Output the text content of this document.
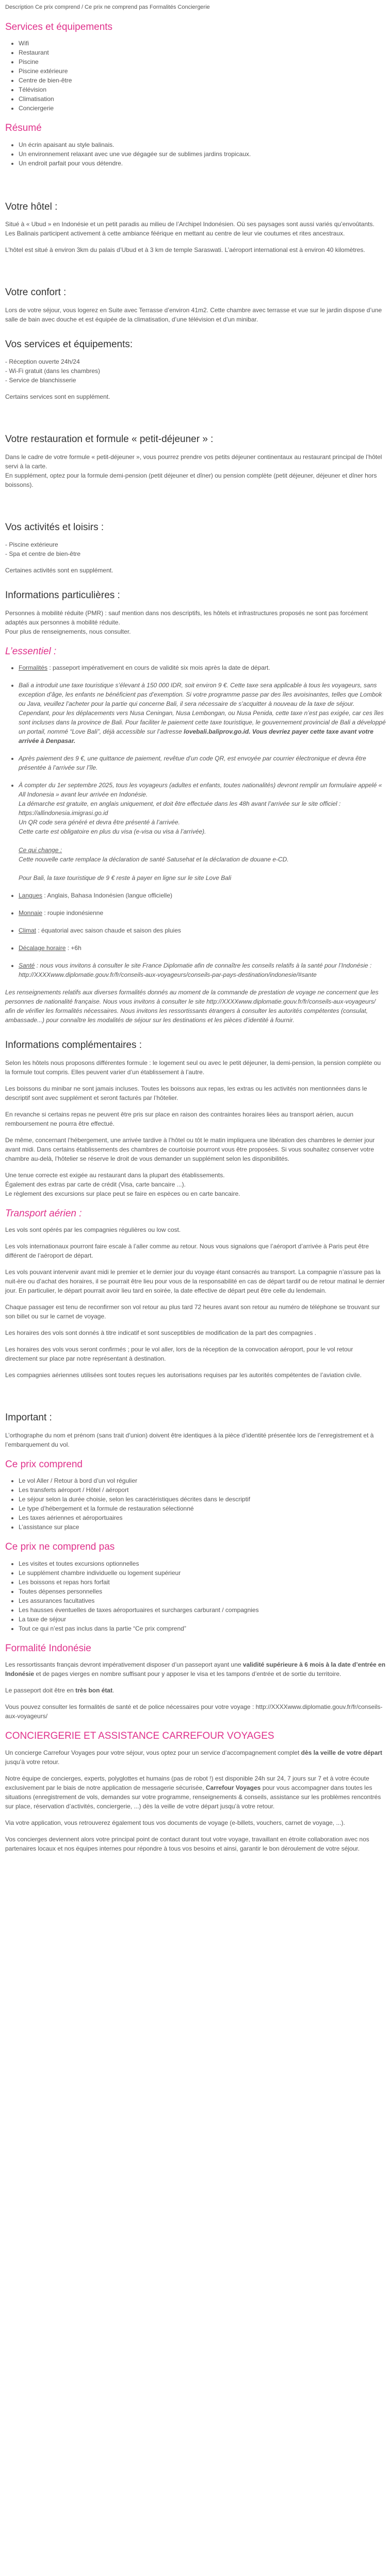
Description Ce prix comprend / Ce prix ne comprend pas Formalités Conciergerie

Services et équipements
• Wifi
• Restaurant
• Piscine
• Piscine extérieure
• Centre de bien-être
• Télévision
• Climatisation
• Conciergerie
Résumé
• Un écrin apaisant au style balinais.
• Un environnement relaxant avec une vue dégagée sur de sublimes jardins tropicaux.
• Un endroit parfait pour vous détendre.
Votre hôtel :

Situé à « Ubud » en Indonésie et un petit paradis au milieu de l’Archipel Indonésien. Où ses paysages sont aussi variés qu’envoûtants. Les Balinais participent activement à cette ambiance féérique en mettant au centre de leur vie coutumes et rites ancestraux.

L’hôtel est situé à environ 3km du palais d’Ubud et à 3 km de temple Saraswati. L’aéroport international est à environ 40 kilomètres.

Votre confort :

Lors de votre séjour, vous logerez en Suite avec Terrasse d’environ 41m2. Cette chambre avec terrasse et vue sur le jardin dispose d’une salle de bain avec douche et est équipée de la climatisation, d’une télévision et d’un minibar.

Vos services et équipements:

- Réception ouverte 24h/24
- Wi-Fi gratuit (dans les chambres)
- Service de blanchisserie

Certains services sont en supplément.

Votre restauration et formule « petit-déjeuner » :

Dans le cadre de votre formule « petit-déjeuner », vous pourrez prendre vos petits déjeuner continentaux au restaurant principal de l’hôtel servi à la carte.
En supplément, optez pour la formule demi-pension (petit déjeuner et dîner) ou pension complète (petit déjeuner, déjeuner et dîner hors boissons).

Vos activités et loisirs :

- Piscine extérieure
- Spa et centre de bien-être

Certaines activités sont en supplément.

Informations particulières :

Personnes à mobilité réduite (PMR) : sauf mention dans nos descriptifs, les hôtels et infrastructures proposés ne sont pas forcément adaptés aux personnes à mobilité réduite.
Pour plus de renseignements, nous consulter.

L’essentiel :
• Formalités : passeport impérativement en cours de validité six mois après la date de départ.
• Bali a introduit une taxe touristique s’élevant à 150 000 IDR, soit environ 9 €. Cette taxe sera applicable à tous les voyageurs, sans exception d’âge, les enfants ne bénéficient pas d’exemption. Si votre programme passe par des îles avoisinantes, telles que Lombok ou Java, veuillez l’acheter pour la partie qui concerne Bali, il sera nécessaire de s’acquitter à nouveau de la taxe de séjour. Cependant, pour les déplacements vers Nusa Ceningan, Nusa Lembongan, ou Nusa Penida, cette taxe n’est pas exigée, car ces îles sont incluses dans la province de Bali. Pour faciliter le paiement cette taxe touristique, le gouvernement provincial de Bali a développé un portail, nommé “Love Bali”, déjà accessible sur l’adresse lovebali.baliprov.go.id. Vous devriez payer cette taxe avant votre arrivée à Denpasar.
• Après paiement des 9 €, une quittance de paiement, revêtue d’un code QR, est envoyée par courrier électronique et devra être présentée à l’arrivée sur l’île.
• À compter du 1er septembre 2025, tous les voyageurs (adultes et enfants, toutes nationalités) devront remplir un formulaire appelé « All Indonesia » avant leur arrivée en Indonésie.
La démarche est gratuite, en anglais uniquement, et doit être effectuée dans les 48h avant l’arrivée sur le site officiel : https://allindonesia.imigrasi.go.id
Un QR code sera généré et devra être présenté à l’arrivée.
Cette carte est obligatoire en plus du visa (e-visa ou visa à l’arrivée).

Ce qui change :
Cette nouvelle carte remplace la déclaration de santé Satusehat et la déclaration de douane e-CD.

Pour Bali, la taxe touristique de 9 € reste à payer en ligne sur le site Love Bali
• Langues : Anglais, Bahasa Indonésien (langue officielle)
• Monnaie : roupie indonésienne
• Climat : équatorial avec saison chaude et saison des pluies
• Décalage horaire : +6h
• Santé : nous vous invitons à consulter le site France Diplomatie afin de connaître les conseils relatifs à la santé pour l’Indonésie : http://XXXXwww.diplomatie.gouv.fr/fr/conseils-aux-voyageurs/conseils-par-pays-destination/indonesie/#sante

Les renseignements relatifs aux diverses formalités donnés au moment de la commande de prestation de voyage ne concernent que les personnes de nationalité française. Nous vous invitons à consulter le site http://XXXXwww.diplomatie.gouv.fr/fr/conseils-aux-voyageurs/ afin de vérifier les formalités nécessaires. Nous invitons les ressortissants étrangers à consulter les autorités compétentes (consulat, ambassade...) pour connaître les modalités de séjour sur les destinations et les pièces d’identité à fournir.

Informations complémentaires :

Selon les hôtels nous proposons différentes formule : le logement seul ou avec le petit déjeuner, la demi-pension, la pension complète ou la formule tout compris. Elles peuvent varier d’un établissement à l’autre.

Les boissons du minibar ne sont jamais incluses. Toutes les boissons aux repas, les extras ou les activités non mentionnées dans le descriptif sont avec supplément et seront facturés par l’hôtelier.

En revanche si certains repas ne peuvent être pris sur place en raison des contraintes horaires liées au transport aérien, aucun remboursement ne pourra être effectué.

De même, concernant l’hébergement, une arrivée tardive à l’hôtel ou tôt le matin impliquera une libération des chambres le dernier jour avant midi. Dans certains établissements des chambres de courtoisie pourront vous être proposées. Si vous souhaitez conserver votre chambre au-delà, l’hôtelier se réserve le droit de vous demander un supplément selon les disponibilités.

Une tenue correcte est exigée au restaurant dans la plupart des établissements.
Également des extras par carte de crédit (Visa, carte bancaire ...).
Le règlement des excursions sur place peut se faire en espèces ou en carte bancaire.

Transport aérien :

Les vols sont opérés par les compagnies régulières ou low cost.

Les vols internationaux pourront faire escale à l’aller comme au retour. Nous vous signalons que l’aéroport d’arrivée à Paris peut être différent de l’aéroport de départ.

Les vols pouvant intervenir avant midi le premier et le dernier jour du voyage étant consacrés au transport. La compagnie n’assure pas la nuit-ère ou d’achat des horaires, il se pourrait être lieu pour vous de la responsabilité en cas de départ tardif ou de retour matinal le dernier jour. En particulier, le départ pourrait avoir lieu tard en soirée, la date effective de départ peut être celle du lendemain.

Chaque passager est tenu de reconfirmer son vol retour au plus tard 72 heures avant son retour au numéro de téléphone se trouvant sur son billet ou sur le carnet de voyage.

Les horaires des vols sont donnés à titre indicatif et sont susceptibles de modification de la part des compagnies .

Les horaires des vols vous seront confirmés ; pour le vol aller, lors de la réception de la convocation aéroport, pour le vol retour directement sur place par notre représentant à destination.

Les compagnies aériennes utilisées sont toutes reçues les autorisations requises par les autorités compétentes de l’aviation civile.

Important :

L’orthographe du nom et prénom (sans trait d’union) doivent être identiques à la pièce d’identité présentée lors de l’enregistrement et à l’embarquement du vol.

Ce prix comprend
• Le vol Aller / Retour à bord d’un vol régulier
• Les transferts aéroport / Hôtel / aéroport
• Le séjour selon la durée choisie, selon les caractéristiques décrites dans le descriptif
• Le type d’hébergement et la formule de restauration sélectionné
• Les taxes aériennes et aéroportuaires
• L’assistance sur place
Ce prix ne comprend pas
• Les visites et toutes excursions optionnelles
• Le supplément chambre individuelle ou logement supérieur
• Les boissons et repas hors forfait
• Toutes dépenses personnelles
• Les assurances facultatives
• Les hausses éventuelles de taxes aéroportuaires et surcharges carburant / compagnies
• La taxe de séjour
• Tout ce qui n’est pas inclus dans la partie “Ce prix comprend”
Formalité Indonésie

Les ressortissants français devront impérativement disposer d’un passeport ayant une validité supérieure à 6 mois à la date d’entrée en Indonésie et de pages vierges en nombre suffisant pour y apposer le visa et les tampons d’entrée et de sortie du territoire.

Le passeport doit être en très bon état.

Vous pouvez consulter les formalités de santé et de police nécessaires pour votre voyage : http://XXXXwww.diplomatie.gouv.fr/fr/conseils-aux-voyageurs/

CONCIERGERIE ET ASSISTANCE CARREFOUR VOYAGES

Un concierge Carrefour Voyages pour votre séjour, vous optez pour un service d’accompagnement complet dès la veille de votre départ jusqu’à votre retour.

Notre équipe de concierges, experts, polyglottes et humains (pas de robot !) est disponible 24h sur 24, 7 jours sur 7 et à votre écoute exclusivement par le biais de notre application de messagerie sécurisée, Carrefour Voyages pour vous accompagner dans toutes les situations (enregistrement de vols, demandes sur votre programme, renseignements & conseils, assistance sur les problèmes rencontrés sur place, réservation d’activités, conciergerie, ...) dès la veille de votre départ jusqu’à votre retour.

Via votre application, vous retrouverez également tous vos documents de voyage (e-billets, vouchers, carnet de voyage, ...).

Vos concierges deviennent alors votre principal point de contact durant tout votre voyage, travaillant en étroite collaboration avec nos partenaires locaux et nos équipes internes pour répondre à tous vos besoins et ainsi, garantir le bon déroulement de votre séjour.
